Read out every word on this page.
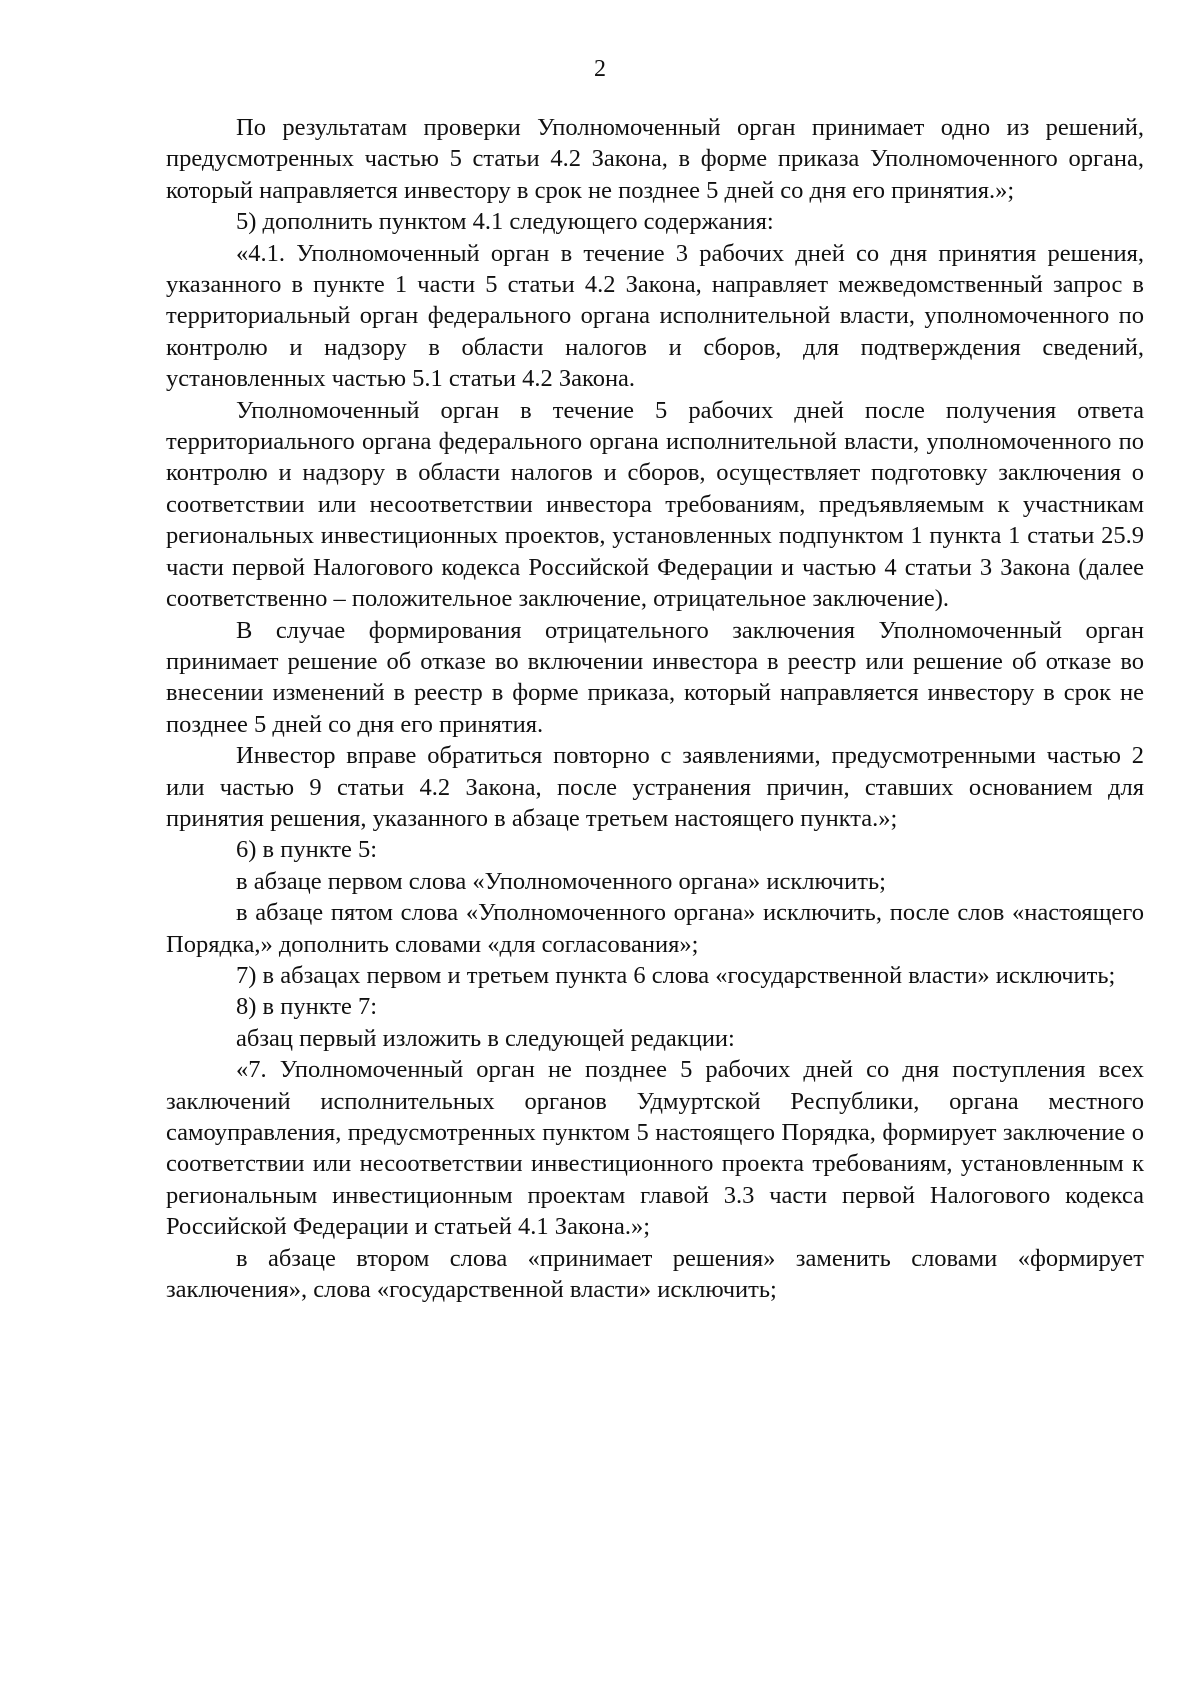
2

По результатам проверки Уполномоченный орган принимает одно из решений, предусмотренных частью 5 статьи 4.2 Закона, в форме приказа Уполномоченного органа, который направляется инвестору в срок не позднее 5 дней со дня его принятия.»;

5) дополнить пунктом 4.1 следующего содержания:

«4.1. Уполномоченный орган в течение 3 рабочих дней со дня принятия решения, указанного в пункте 1 части 5 статьи 4.2 Закона, направляет межведомственный запрос в территориальный орган федерального органа исполнительной власти, уполномоченного по контролю и надзору в области налогов и сборов, для подтверждения сведений, установленных частью 5.1 статьи 4.2 Закона.

Уполномоченный орган в течение 5 рабочих дней после получения ответа территориального органа федерального органа исполнительной власти, уполномоченного по контролю и надзору в области налогов и сборов, осуществляет подготовку заключения о соответствии или несоответствии инвестора требованиям, предъявляемым к участникам региональных инвестиционных проектов, установленных подпунктом 1 пункта 1 статьи 25.9 части первой Налогового кодекса Российской Федерации и частью 4 статьи 3 Закона (далее соответственно – положительное заключение, отрицательное заключение).

В случае формирования отрицательного заключения Уполномоченный орган принимает решение об отказе во включении инвестора в реестр или решение об отказе во внесении изменений в реестр в форме приказа, который направляется инвестору в срок не позднее 5 дней со дня его принятия.

Инвестор вправе обратиться повторно с заявлениями, предусмотренными частью 2 или частью 9 статьи 4.2 Закона, после устранения причин, ставших основанием для принятия решения, указанного в абзаце третьем настоящего пункта.»;

6) в пункте 5:

в абзаце первом слова «Уполномоченного органа» исключить;

в абзаце пятом слова «Уполномоченного органа» исключить, после слов «настоящего Порядка,» дополнить словами «для согласования»;

7) в абзацах первом и третьем пункта 6 слова «государственной власти» исключить;

8) в пункте 7:

абзац первый изложить в следующей редакции:

«7. Уполномоченный орган не позднее 5 рабочих дней со дня поступления всех заключений исполнительных органов Удмуртской Республики, органа местного самоуправления, предусмотренных пунктом 5 настоящего Порядка, формирует заключение о соответствии или несоответствии инвестиционного проекта требованиям, установленным к региональным инвестиционным проектам главой 3.3 части первой Налогового кодекса Российской Федерации и статьей 4.1 Закона.»;

в абзаце втором слова «принимает решения» заменить словами «формирует заключения», слова «государственной власти» исключить;
